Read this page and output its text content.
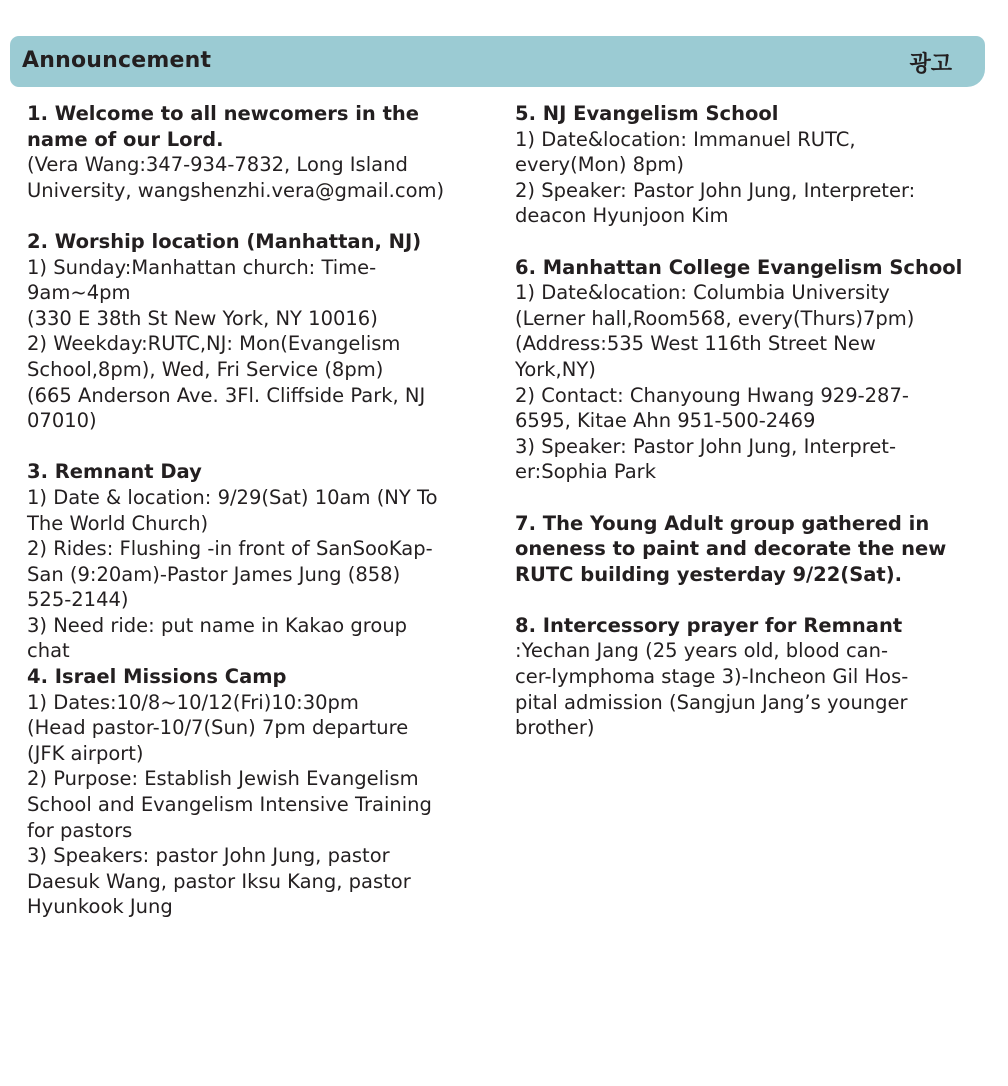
Announcement	광고
1. Welcome to all newcomers in the
name of our Lord.
(Vera Wang:347-934-7832, Long Island
University, wangshenzhi.vera@gmail.com)
2. Worship location (Manhattan, NJ)
1) Sunday:Manhattan church: Time-
9am~4pm
(330 E 38th St New York, NY 10016)
2) Weekday:RUTC,NJ: Mon(Evangelism
School,8pm), Wed, Fri Service (8pm)
(665 Anderson Ave. 3Fl. Cliffside Park, NJ
07010)
3. Remnant Day
1) Date & location: 9/29(Sat) 10am (NY To
The World Church)
2) Rides: Flushing -in front of SanSooKap-
San (9:20am)-Pastor James Jung (858)
525-2144)
3) Need ride: put name in Kakao group
chat
4. Israel Missions Camp
1) Dates:10/8~10/12(Fri)10:30pm
(Head pastor-10/7(Sun) 7pm departure
(JFK airport)
2) Purpose: Establish Jewish Evangelism
School and Evangelism Intensive Training
for pastors
3) Speakers: pastor John Jung, pastor
Daesuk Wang, pastor Iksu Kang, pastor
Hyunkook Jung
5. NJ Evangelism School
1) Date&location: Immanuel RUTC,
every(Mon) 8pm)
2) Speaker: Pastor John Jung, Interpreter:
deacon Hyunjoon Kim
6. Manhattan College Evangelism School
1) Date&location: Columbia University
(Lerner hall,Room568, every(Thurs)7pm)
(Address:535 West 116th Street New
York,NY)
2) Contact: Chanyoung Hwang 929-287-
6595, Kitae Ahn 951-500-2469
3) Speaker: Pastor John Jung, Interpret-
er:Sophia Park
7. The Young Adult group gathered in
oneness to paint and decorate the new
RUTC building yesterday 9/22(Sat).
8. Intercessory prayer for Remnant
:Yechan Jang (25 years old, blood can-
cer-lymphoma stage 3)-Incheon Gil Hos-
pital admission (Sangjun Jang’s younger
brother)
